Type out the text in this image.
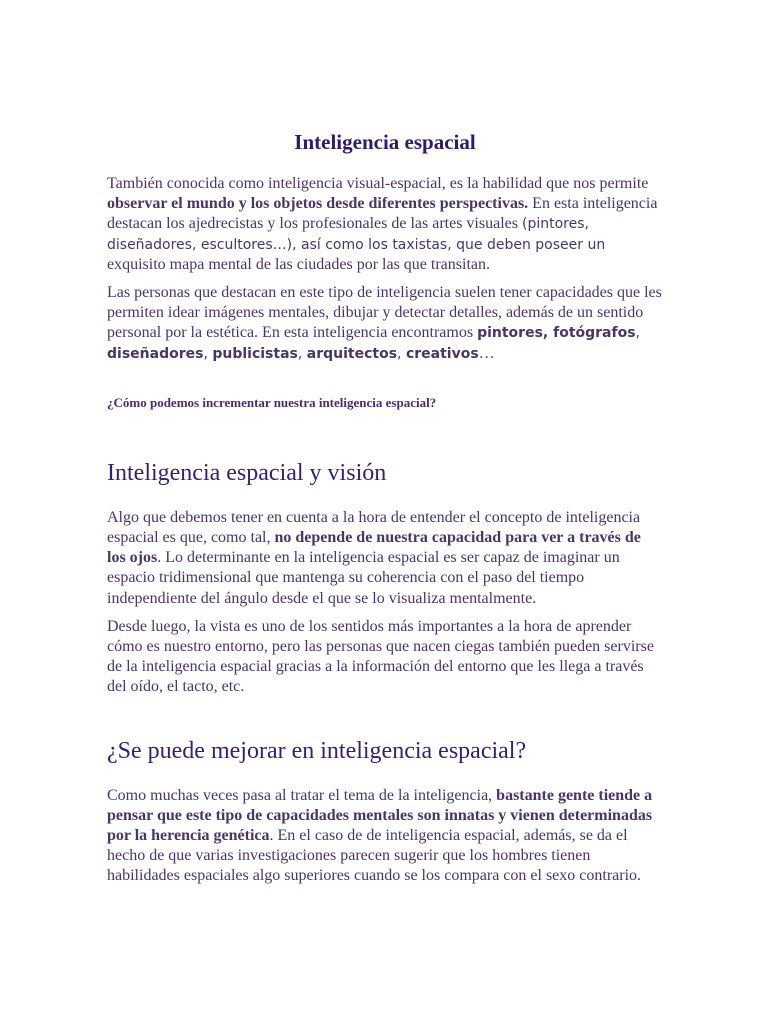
Inteligencia espacial

También conocida como inteligencia visual-espacial, es la habilidad que nos permite observar el mundo y los objetos desde diferentes perspectivas. En esta inteligencia destacan los ajedrecistas y los profesionales de las artes visuales (pintores, diseñadores, escultores…), así como los taxistas, que deben poseer un exquisito mapa mental de las ciudades por las que transitan.

Las personas que destacan en este tipo de inteligencia suelen tener capacidades que les permiten idear imágenes mentales, dibujar y detectar detalles, además de un sentido personal por la estética. En esta inteligencia encontramos pintores, fotógrafos, diseñadores, publicistas, arquitectos, creativos…

¿Cómo podemos incrementar nuestra inteligencia espacial?

Inteligencia espacial y visión

Algo que debemos tener en cuenta a la hora de entender el concepto de inteligencia espacial es que, como tal, no depende de nuestra capacidad para ver a través de los ojos. Lo determinante en la inteligencia espacial es ser capaz de imaginar un espacio tridimensional que mantenga su coherencia con el paso del tiempo independiente del ángulo desde el que se lo visualiza mentalmente.

Desde luego, la vista es uno de los sentidos más importantes a la hora de aprender cómo es nuestro entorno, pero las personas que nacen ciegas también pueden servirse de la inteligencia espacial gracias a la información del entorno que les llega a través del oído, el tacto, etc.

¿Se puede mejorar en inteligencia espacial?

Como muchas veces pasa al tratar el tema de la inteligencia, bastante gente tiende a pensar que este tipo de capacidades mentales son innatas y vienen determinadas por la herencia genética. En el caso de de inteligencia espacial, además, se da el hecho de que varias investigaciones parecen sugerir que los hombres tienen habilidades espaciales algo superiores cuando se los compara con el sexo contrario.
